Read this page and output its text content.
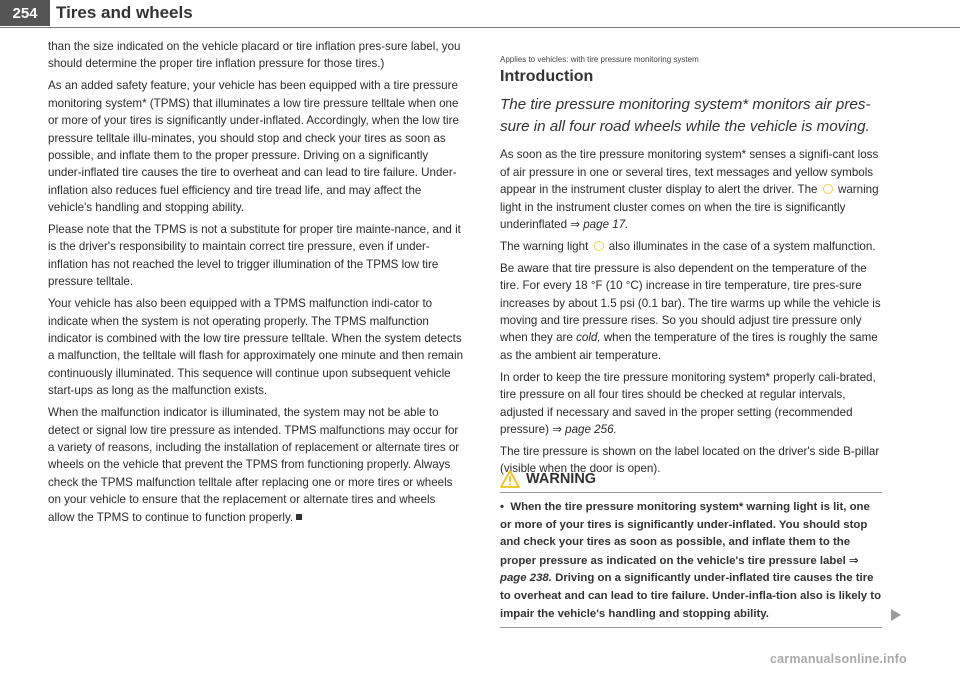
254	Tires and wheels

than the size indicated on the vehicle placard or tire inflation pres-sure label, you should determine the proper tire inflation pressure for those tires.)

As an added safety feature, your vehicle has been equipped with a tire pressure monitoring system* (TPMS) that illuminates a low tire pressure telltale when one or more of your tires is significantly under-inflated. Accordingly, when the low tire pressure telltale illu-minates, you should stop and check your tires as soon as possible, and inflate them to the proper pressure. Driving on a significantly under-inflated tire causes the tire to overheat and can lead to tire failure. Under-inflation also reduces fuel efficiency and tire tread life, and may affect the vehicle's handling and stopping ability.

Please note that the TPMS is not a substitute for proper tire mainte-nance, and it is the driver's responsibility to maintain correct tire pressure, even if under-inflation has not reached the level to trigger illumination of the TPMS low tire pressure telltale.

Your vehicle has also been equipped with a TPMS malfunction indi-cator to indicate when the system is not operating properly. The TPMS malfunction indicator is combined with the low tire pressure telltale. When the system detects a malfunction, the telltale will flash for approximately one minute and then remain continuously illuminated. This sequence will continue upon subsequent vehicle start-ups as long as the malfunction exists.

When the malfunction indicator is illuminated, the system may not be able to detect or signal low tire pressure as intended. TPMS malfunctions may occur for a variety of reasons, including the installation of replacement or alternate tires or wheels on the vehicle that prevent the TPMS from functioning properly. Always check the TPMS malfunction telltale after replacing one or more tires or wheels on your vehicle to ensure that the replacement or alternate tires and wheels allow the TPMS to continue to function properly.

Applies to vehicles: with tire pressure monitoring system
Introduction
The tire pressure monitoring system* monitors air pres-sure in all four road wheels while the vehicle is moving.

As soon as the tire pressure monitoring system* senses a signifi-cant loss of air pressure in one or several tires, text messages and yellow symbols appear in the instrument cluster display to alert the driver. The warning light in the instrument cluster comes on when the tire is significantly underinflated ⇒ page 17.

The warning light also illuminates in the case of a system malfunction.

Be aware that tire pressure is also dependent on the temperature of the tire. For every 18 °F (10 °C) increase in tire temperature, tire pres-sure increases by about 1.5 psi (0.1 bar). The tire warms up while the vehicle is moving and tire pressure rises. So you should adjust tire pressure only when they are cold, when the temperature of the tires is roughly the same as the ambient air temperature.

In order to keep the tire pressure monitoring system* properly cali-brated, tire pressure on all four tires should be checked at regular intervals, adjusted if necessary and saved in the proper setting (recommended pressure) ⇒ page 256.

The tire pressure is shown on the label located on the driver's side B-pillar (visible when the door is open).

WARNING
• When the tire pressure monitoring system* warning light is lit, one or more of your tires is significantly under-inflated. You should stop and check your tires as soon as possible, and inflate them to the proper pressure as indicated on the vehicle's tire pressure label ⇒ page 238. Driving on a significantly under-inflated tire causes the tire to overheat and can lead to tire failure. Under-infla-tion also is likely to impair the vehicle's handling and stopping ability.
carmanualsonline.info
